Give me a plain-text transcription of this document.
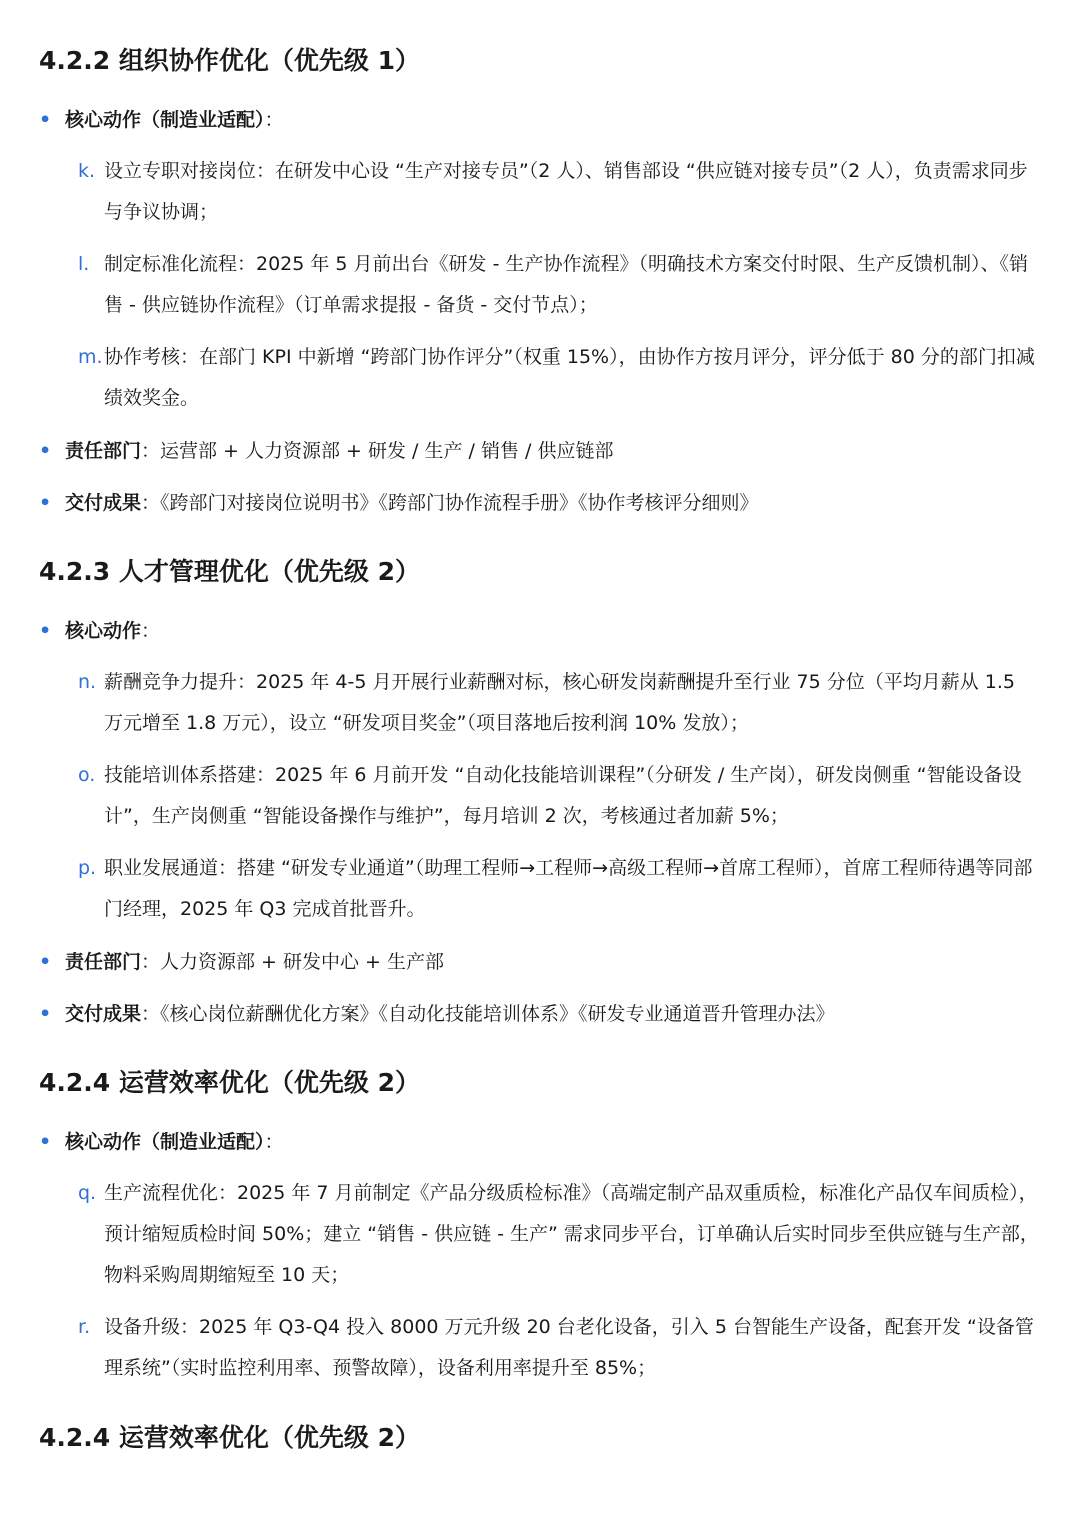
4.2.2 组织协作优化（优先级 1）

• 核心动作（制造业适配）：

k. 设立专职对接岗位：在研发中心设 “生产对接专员”（2 人）、销售部设 “供应链对接专员”（2 人），负责需求同步与争议协调；

l. 制定标准化流程：2025 年 5 月前出台《研发 - 生产协作流程》（明确技术方案交付时限、生产反馈机制）、《销售 - 供应链协作流程》（订单需求提报 - 备货 - 交付节点）；

m. 协作考核：在部门 KPI 中新增 “跨部门协作评分”（权重 15%），由协作方按月评分，评分低于 80 分的部门扣减绩效奖金。

• 责任部门：运营部 + 人力资源部 + 研发 / 生产 / 销售 / 供应链部

• 交付成果：《跨部门对接岗位说明书》《跨部门协作流程手册》《协作考核评分细则》

4.2.3 人才管理优化（优先级 2）

• 核心动作：

n. 薪酬竞争力提升：2025 年 4-5 月开展行业薪酬对标，核心研发岗薪酬提升至行业 75 分位（平均月薪从 1.5 万元增至 1.8 万元），设立 “研发项目奖金”（项目落地后按利润 10% 发放）；

o. 技能培训体系搭建：2025 年 6 月前开发 “自动化技能培训课程”（分研发 / 生产岗），研发岗侧重 “智能设备设计”，生产岗侧重 “智能设备操作与维护”，每月培训 2 次，考核通过者加薪 5%；

p. 职业发展通道：搭建 “研发专业通道”（助理工程师→工程师→高级工程师→首席工程师），首席工程师待遇等同部门经理，2025 年 Q3 完成首批晋升。

• 责任部门：人力资源部 + 研发中心 + 生产部

• 交付成果：《核心岗位薪酬优化方案》《自动化技能培训体系》《研发专业通道晋升管理办法》

4.2.4 运营效率优化（优先级 2）

• 核心动作（制造业适配）：

q. 生产流程优化：2025 年 7 月前制定《产品分级质检标准》（高端定制产品双重质检，标准化产品仅车间质检），预计缩短质检时间 50%；建立 “销售 - 供应链 - 生产” 需求同步平台，订单确认后实时同步至供应链与生产部，物料采购周期缩短至 10 天；

r. 设备升级：2025 年 Q3-Q4 投入 8000 万元升级 20 台老化设备，引入 5 台智能生产设备，配套开发 “设备管理系统”（实时监控利用率、预警故障），设备利用率提升至 85%；

4.2.4 运营效率优化（优先级 2）
